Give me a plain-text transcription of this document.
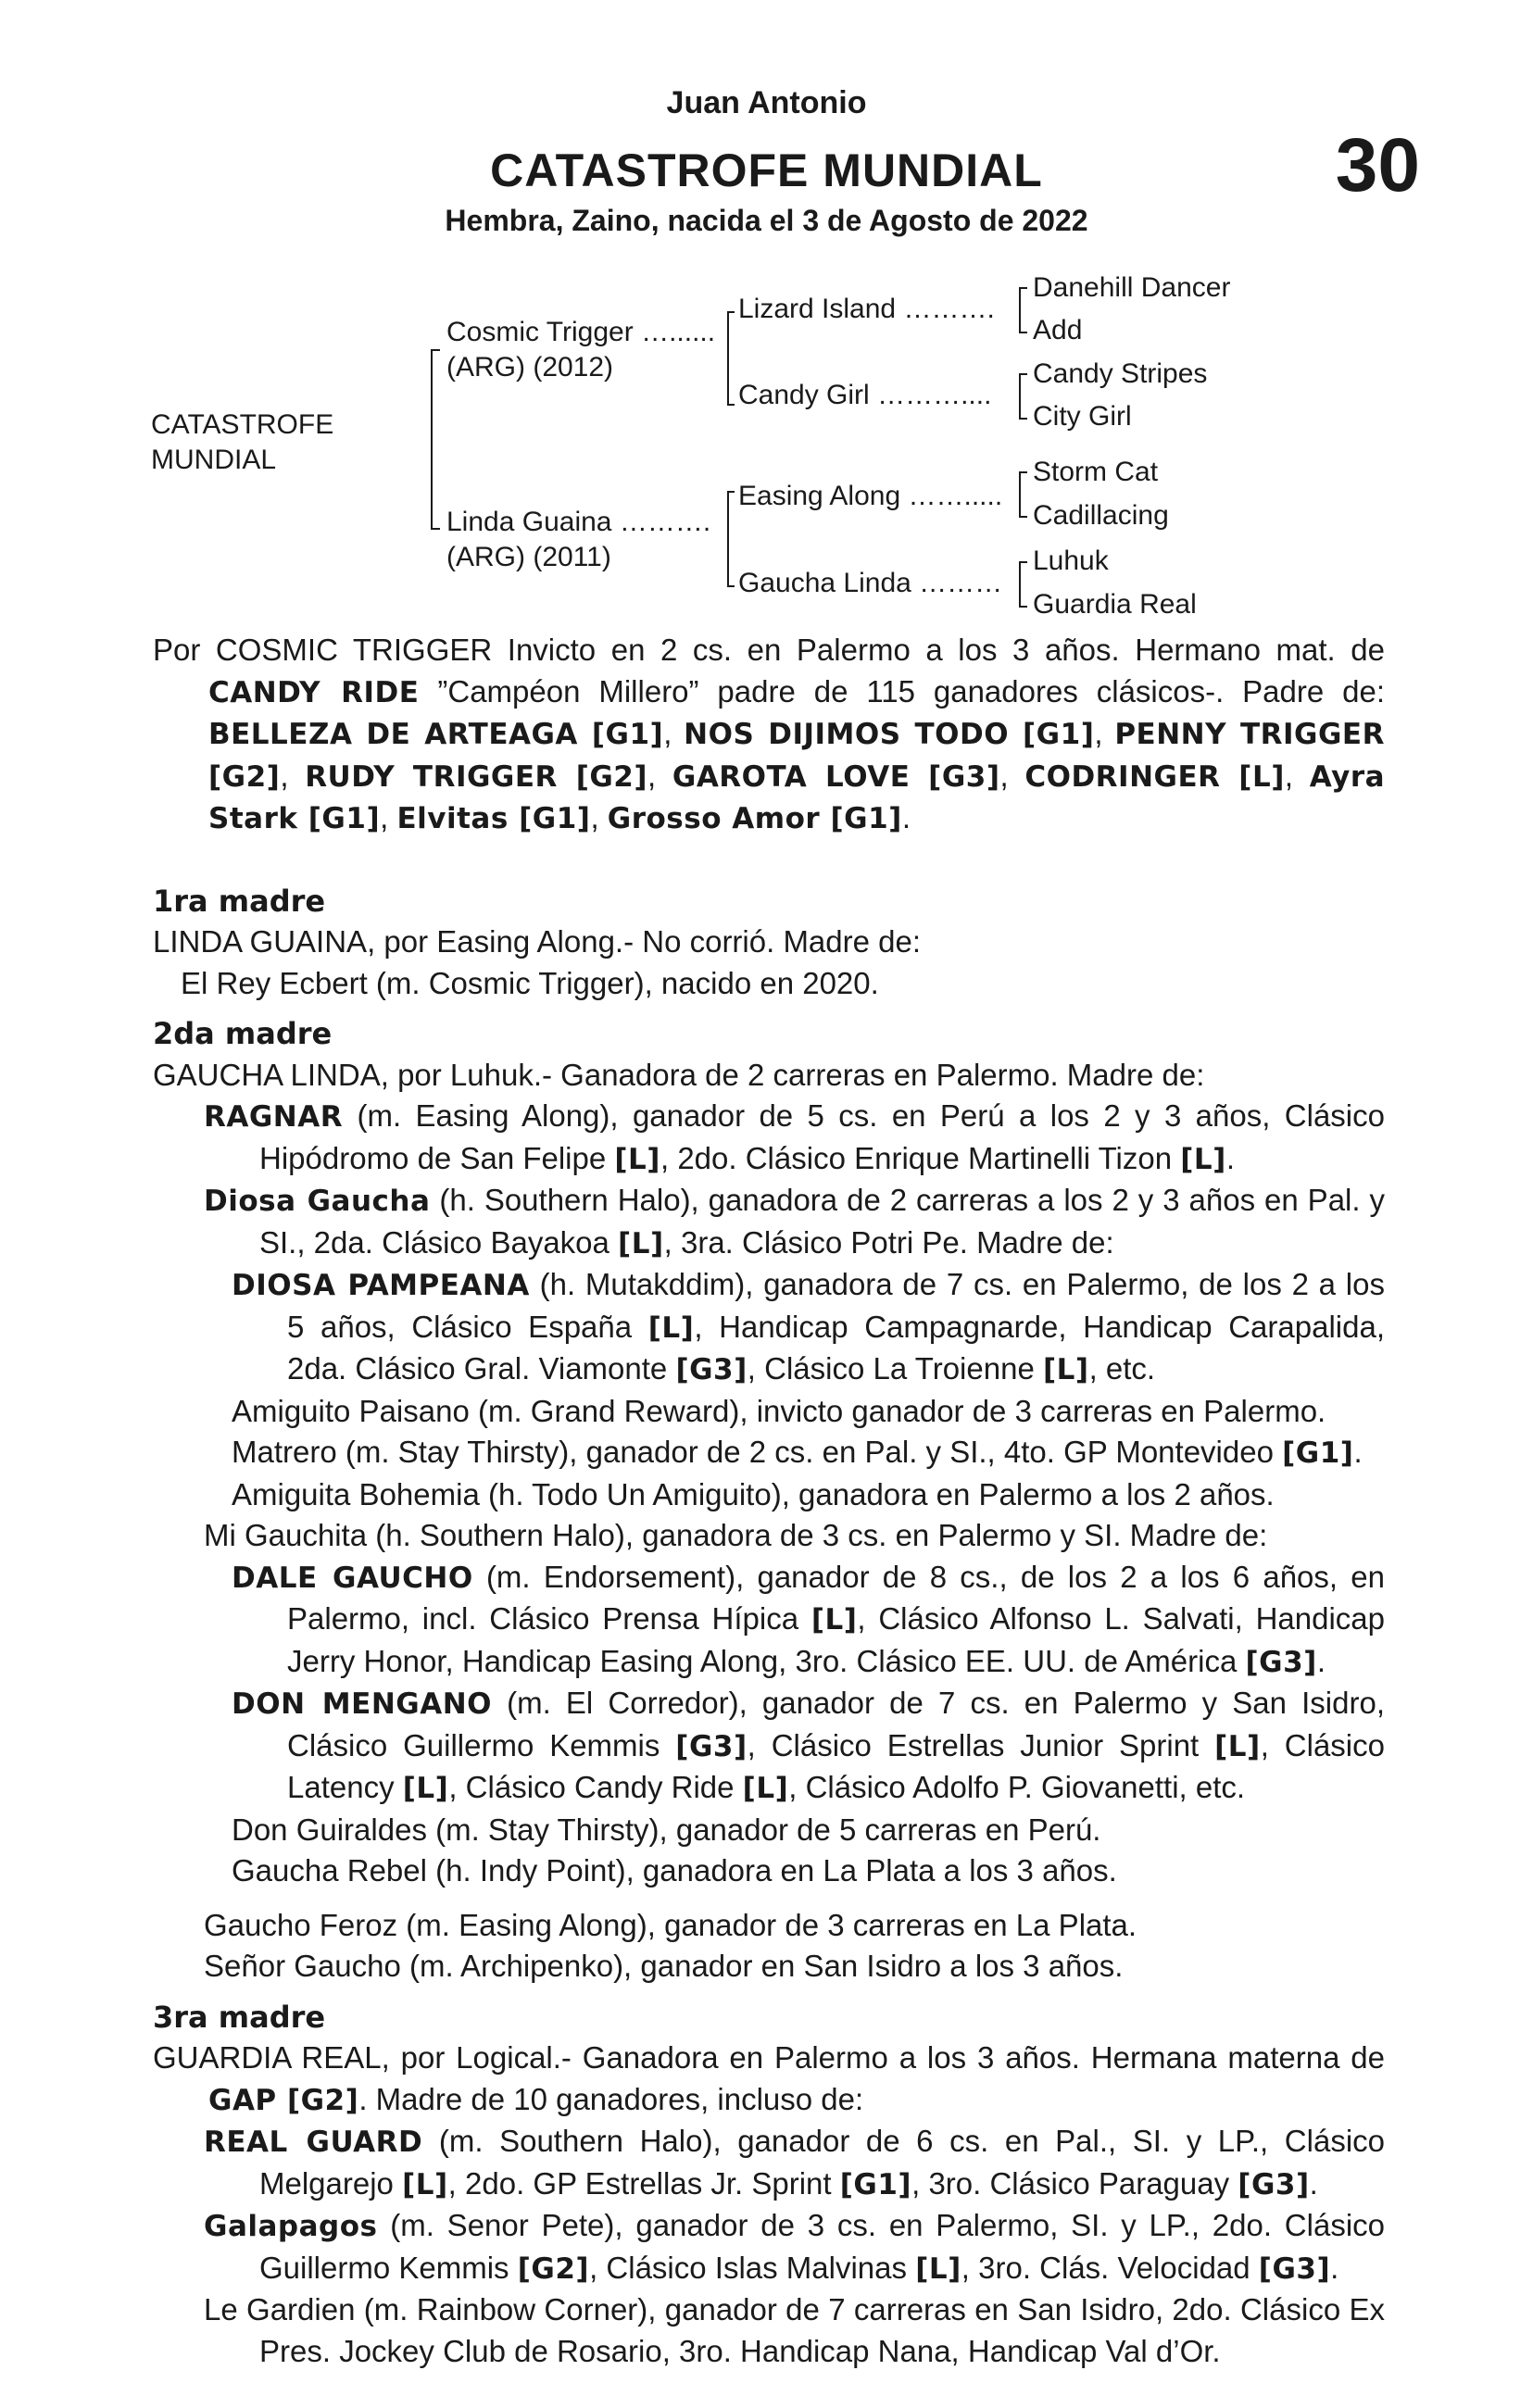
Juan Antonio
CATASTROFE MUNDIAL	30
Hembra, Zaino, nacida el 3 de Agosto de 2022
CATASTROFE
MUNDIAL
Cosmic Trigger …......
(ARG) (2012)
Linda Guaina ……….
(ARG) (2011)
Lizard Island ……….
Candy Girl ………....
Easing Along …….....
Gaucha Linda ………
Danehill Dancer
Add
Candy Stripes
City Girl
Storm Cat
Cadillacing
Luhuk
Guardia Real

Por COSMIC TRIGGER Invicto en 2 cs. en Palermo a los 3 años. Hermano mat. de CANDY RIDE ”Campéon Millero” padre de 115 ganadores clásicos-. Padre de: BELLEZA DE ARTEAGA [G1], NOS DIJIMOS TODO [G1], PENNY TRIGGER [G2], RUDY TRIGGER [G2], GAROTA LOVE [G3], CODRINGER [L], Ayra Stark [G1], Elvitas [G1], Grosso Amor [G1].

1ra madre

LINDA GUAINA, por Easing Along.- No corrió. Madre de:

El Rey Ecbert (m. Cosmic Trigger), nacido en 2020.

2da madre

GAUCHA LINDA, por Luhuk.- Ganadora de 2 carreras en Palermo. Madre de:

RAGNAR (m. Easing Along), ganador de 5 cs. en Perú a los 2 y 3 años, Clásico Hipódromo de San Felipe [L], 2do. Clásico Enrique Martinelli Tizon [L].

Diosa Gaucha (h. Southern Halo), ganadora de 2 carreras a los 2 y 3 años en Pal. y SI., 2da. Clásico Bayakoa [L], 3ra. Clásico Potri Pe. Madre de:

DIOSA PAMPEANA (h. Mutakddim), ganadora de 7 cs. en Palermo, de los 2 a los 5 años, Clásico España [L], Handicap Campagnarde, Handicap Carapalida, 2da. Clásico Gral. Viamonte [G3], Clásico La Troienne [L], etc.

Amiguito Paisano (m. Grand Reward), invicto ganador de 3 carreras en Palermo.

Matrero (m. Stay Thirsty), ganador de 2 cs. en Pal. y SI., 4to. GP Montevideo [G1].

Amiguita Bohemia (h. Todo Un Amiguito), ganadora en Palermo a los 2 años.

Mi Gauchita (h. Southern Halo), ganadora de 3 cs. en Palermo y SI. Madre de:

DALE GAUCHO (m. Endorsement), ganador de 8 cs., de los 2 a los 6 años, en Palermo, incl. Clásico Prensa Hípica [L], Clásico Alfonso L. Salvati, Handicap Jerry Honor, Handicap Easing Along, 3ro. Clásico EE. UU. de América [G3].

DON MENGANO (m. El Corredor), ganador de 7 cs. en Palermo y San Isidro, Clásico Guillermo Kemmis [G3], Clásico Estrellas Junior Sprint [L], Clásico Latency [L], Clásico Candy Ride [L], Clásico Adolfo P. Giovanetti, etc.

Don Guiraldes (m. Stay Thirsty), ganador de 5 carreras en Perú.

Gaucha Rebel (h. Indy Point), ganadora en La Plata a los 3 años.

Gaucho Feroz (m. Easing Along), ganador de 3 carreras en La Plata.

Señor Gaucho (m. Archipenko), ganador en San Isidro a los 3 años.

3ra madre

GUARDIA REAL, por Logical.- Ganadora en Palermo a los 3 años. Hermana materna de GAP [G2]. Madre de 10 ganadores, incluso de:

REAL GUARD (m. Southern Halo), ganador de 6 cs. en Pal., SI. y LP., Clásico Melgarejo [L], 2do. GP Estrellas Jr. Sprint [G1], 3ro. Clásico Paraguay [G3].

Galapagos (m. Senor Pete), ganador de 3 cs. en Palermo, SI. y LP., 2do. Clásico Guillermo Kemmis [G2], Clásico Islas Malvinas [L], 3ro. Clás. Velocidad [G3].

Le Gardien (m. Rainbow Corner), ganador de 7 carreras en San Isidro, 2do. Clásico Ex Pres. Jockey Club de Rosario, 3ro. Handicap Nana, Handicap Val d’Or.
